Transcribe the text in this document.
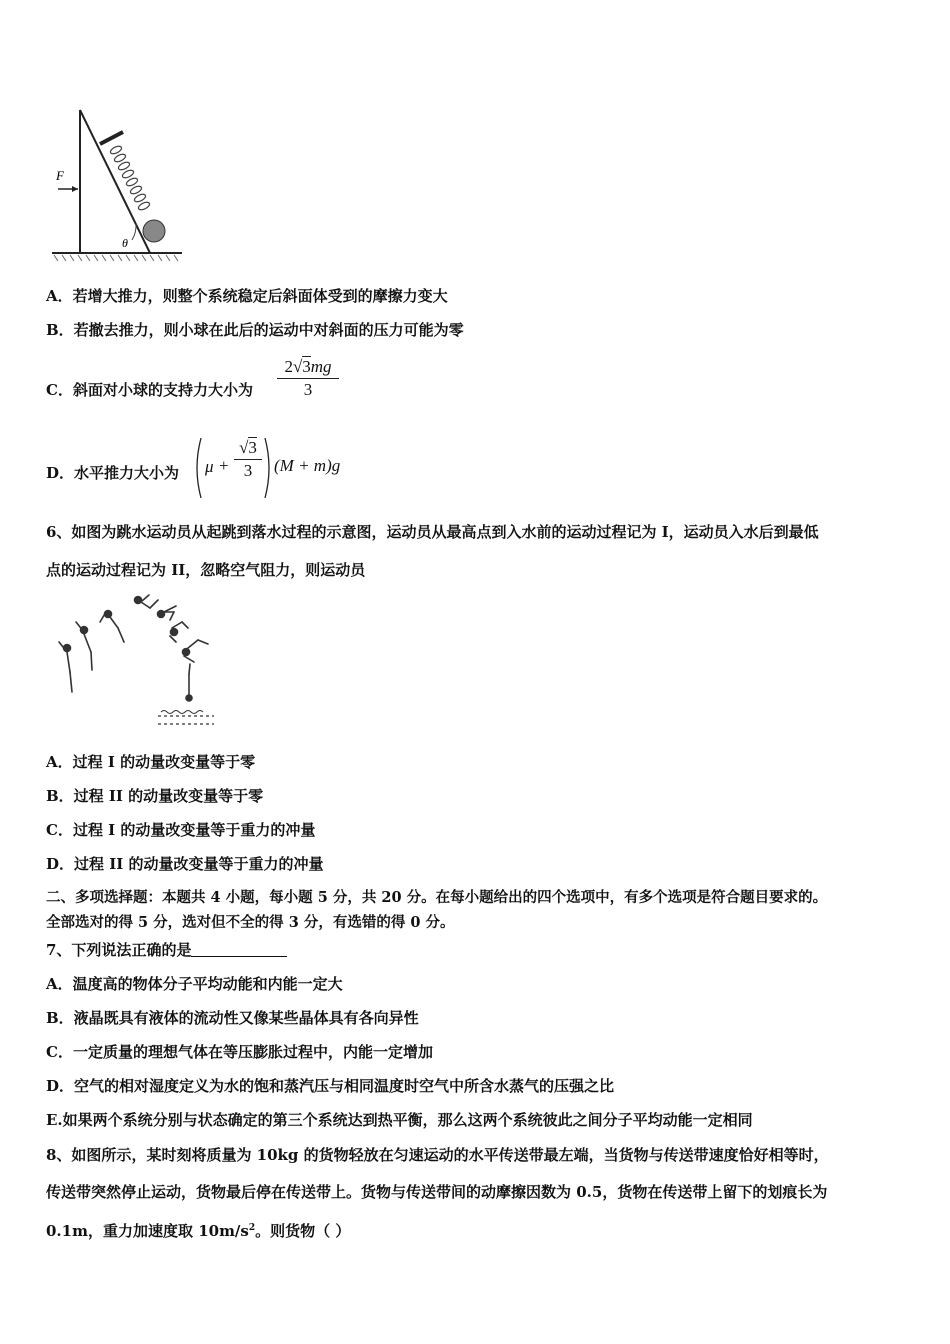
F
θ
A．若增大推力，则整个系统稳定后斜面体受到的摩擦力变大
B．若撤去推力，则小球在此后的运动中对斜面的压力可能为零
C．斜面对小球的支持力大小为
2√3mg
3
D．水平推力大小为 μ +
√3
3	(M + m)g
6、如图为跳水运动员从起跳到落水过程的示意图，运动员从最高点到入水前的运动过程记为 I，运动员入水后到最低
点的运动过程记为 II，忽略空气阻力，则运动员
A．过程 I 的动量改变量等于零
B．过程 II 的动量改变量等于零
C．过程 I 的动量改变量等于重力的冲量
D．过程 II 的动量改变量等于重力的冲量
二、多项选择题：本题共 4 小题，每小题 5 分，共 20 分。在每小题给出的四个选项中，有多个选项是符合题目要求的。
全部选对的得 5 分，选对但不全的得 3 分，有选错的得 0 分。
7、下列说法正确的是
A．温度高的物体分子平均动能和内能一定大
B．液晶既具有液体的流动性又像某些晶体具有各向异性
C．一定质量的理想气体在等压膨胀过程中，内能一定增加
D．空气的相对湿度定义为水的饱和蒸汽压与相同温度时空气中所含水蒸气的压强之比
E.如果两个系统分别与状态确定的第三个系统达到热平衡，那么这两个系统彼此之间分子平均动能一定相同
8、如图所示，某时刻将质量为 10kg 的货物轻放在匀速运动的水平传送带最左端，当货物与传送带速度恰好相等时，
传送带突然停止运动，货物最后停在传送带上。货物与传送带间的动摩擦因数为 0.5，货物在传送带上留下的划痕长为
0.1m，重力加速度取 $10m/s^2$。则货物（ ）
